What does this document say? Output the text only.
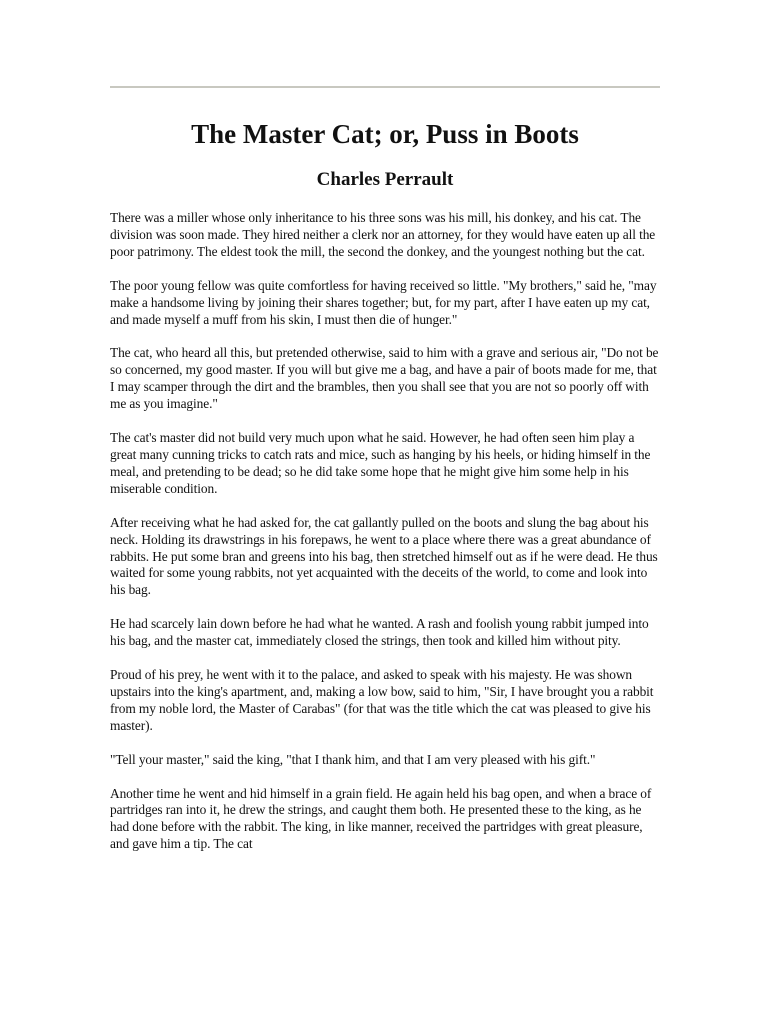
The Master Cat; or, Puss in Boots
Charles Perrault

There was a miller whose only inheritance to his three sons was his mill, his donkey, and his cat. The division was soon made. They hired neither a clerk nor an attorney, for they would have eaten up all the poor patrimony. The eldest took the mill, the second the donkey, and the youngest nothing but the cat.

The poor young fellow was quite comfortless for having received so little. "My brothers," said he, "may make a handsome living by joining their shares together; but, for my part, after I have eaten up my cat, and made myself a muff from his skin, I must then die of hunger."

The cat, who heard all this, but pretended otherwise, said to him with a grave and serious air, "Do not be so concerned, my good master. If you will but give me a bag, and have a pair of boots made for me, that I may scamper through the dirt and the brambles, then you shall see that you are not so poorly off with me as you imagine."

The cat's master did not build very much upon what he said. However, he had often seen him play a great many cunning tricks to catch rats and mice, such as hanging by his heels, or hiding himself in the meal, and pretending to be dead; so he did take some hope that he might give him some help in his miserable condition.

After receiving what he had asked for, the cat gallantly pulled on the boots and slung the bag about his neck. Holding its drawstrings in his forepaws, he went to a place where there was a great abundance of rabbits. He put some bran and greens into his bag, then stretched himself out as if he were dead. He thus waited for some young rabbits, not yet acquainted with the deceits of the world, to come and look into his bag.

He had scarcely lain down before he had what he wanted. A rash and foolish young rabbit jumped into his bag, and the master cat, immediately closed the strings, then took and killed him without pity.

Proud of his prey, he went with it to the palace, and asked to speak with his majesty. He was shown upstairs into the king's apartment, and, making a low bow, said to him, "Sir, I have brought you a rabbit from my noble lord, the Master of Carabas" (for that was the title which the cat was pleased to give his master).

"Tell your master," said the king, "that I thank him, and that I am very pleased with his gift."

Another time he went and hid himself in a grain field. He again held his bag open, and when a brace of partridges ran into it, he drew the strings, and caught them both. He presented these to the king, as he had done before with the rabbit. The king, in like manner, received the partridges with great pleasure, and gave him a tip. The cat
